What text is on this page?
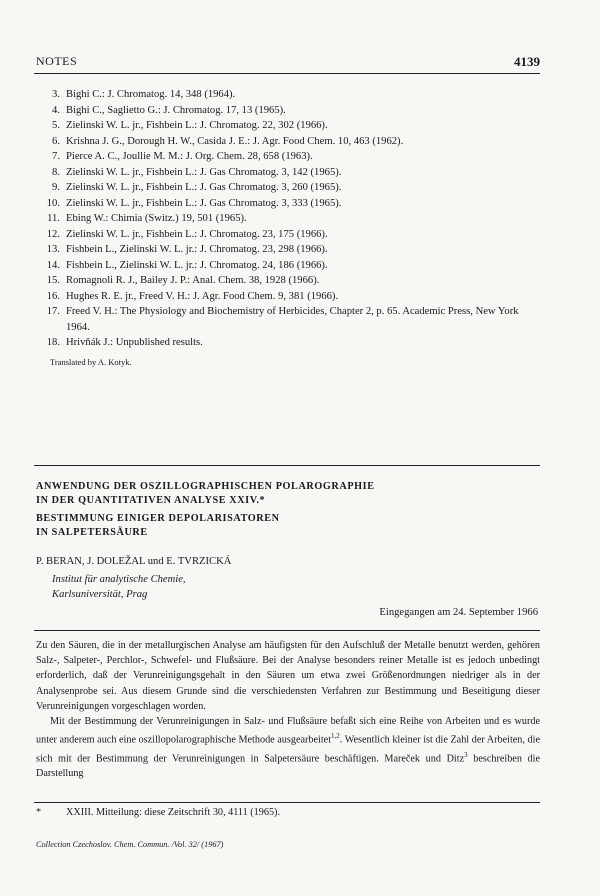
NOTES	4139
3. Bighi C.: J. Chromatog. 14, 348 (1964).
4. Bighi C., Saglietto G.: J. Chromatog. 17, 13 (1965).
5. Zielinski W. L. jr., Fishbein L.: J. Chromatog. 22, 302 (1966).
6. Krishna J. G., Dorough H. W., Casida J. E.: J. Agr. Food Chem. 10, 463 (1962).
7. Pierce A. C., Joullie M. M.: J. Org. Chem. 28, 658 (1963).
8. Zielinski W. L. jr., Fishbein L.: J. Gas Chromatog. 3, 142 (1965).
9. Zielinski W. L. jr., Fishbein L.: J. Gas Chromatog. 3, 260 (1965).
10. Zielinski W. L. jr., Fishbein L.: J. Gas Chromatog. 3, 333 (1965).
11. Ebing W.: Chimia (Switz.) 19, 501 (1965).
12. Zielinski W. L. jr., Fishbein L.: J. Chromatog. 23, 175 (1966).
13. Fishbein L., Zielinski W. L. jr.: J. Chromatog. 23, 298 (1966).
14. Fishbein L., Zielinski W. L. jr.: J. Chromatog. 24, 186 (1966).
15. Romagnoli R. J., Bailey J. P.: Anal. Chem. 38, 1928 (1966).
16. Hughes R. E. jr., Freed V. H.: J. Agr. Food Chem. 9, 381 (1966).
17. Freed V. H.: The Physiology and Biochemistry of Herbicides, Chapter 2, p. 65. Academic Press, New York 1964.
18. Hrivňák J.: Unpublished results.
Translated by A. Kotyk.
ANWENDUNG DER OSZILLOGRAPHISCHEN POLAROGRAPHIE
IN DER QUANTITATIVEN ANALYSE XXIV.*
BESTIMMUNG EINIGER DEPOLARISATOREN
IN SALPETERSÄURE
P. BERAN, J. DOLEŽAL und E. TVRZICKÁ
Institut für analytische Chemie,
Karlsuniversität, Prag
Eingegangen am 24. September 1966

Zu den Säuren, die in der metallurgischen Analyse am häufigsten für den Aufschluß der Metalle benutzt werden, gehören Salz-, Salpeter-, Perchlor-, Schwefel- und Flußsäure. Bei der Analyse besonders reiner Metalle ist es jedoch unbedingt erforderlich, daß der Verunreinigungsgehalt in den Säuren um etwa zwei Größenordnungen niedriger als in der Analysenprobe sei. Aus diesem Grunde sind die verschiedensten Verfahren zur Bestimmung und Beseitigung dieser Verunreinigungen vorgeschlagen worden.

Mit der Bestimmung der Verunreinigungen in Salz- und Flußsäure befaßt sich eine Reihe von Arbeiten und es wurde unter anderem auch eine oszillopolarographische Methode ausgearbeitet$^{1,2}$. Wesentlich kleiner ist die Zahl der Arbeiten, die sich mit der Bestimmung der Verunreinigungen in Salpetersäure beschäftigen. Mareček und Ditz$^3$ beschreiben die Darstellung

* XXIII. Mitteilung: diese Zeitschrift 30, 4111 (1965).
Collection Czechoslov. Chem. Commun. /Vol. 32/ (1967)
